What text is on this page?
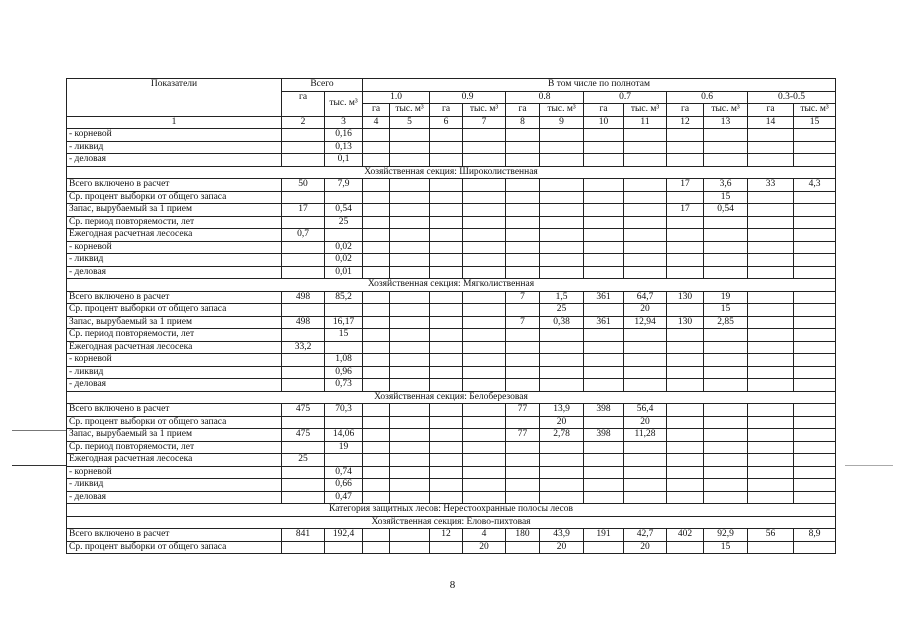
Показатели	Всего		В том числе по полнотам											
	га	тыс. м³	1.0		0.9		0.8		0.7		0.6		0.3-0.5	
			га	тыс. м³	га	тыс. м³	га	тыс. м³	га	тыс. м³	га	тыс. м³	га	тыс. м³
1	2	3	4	5	6	7	8	9	10	11	12	13	14	15
- корневой		0,16												
- ликвид		0,13												
- деловая		0,1												
Хозяйственная секция: Широколиственная														
Всего включено в расчет	50	7,9									17	3,6	33	4,3
Ср. процент выборки от общего запаса												15		
Запас, вырубаемый за 1 прием	17	0,54									17	0,54		
Ср. период повторяемости, лет		25												
Ежегодная расчетная лесосека	0,7													
- корневой		0,02												
- ликвид		0,02												
- деловая		0,01												
Хозяйственная секция: Мягколиственная														
Всего включено в расчет	498	85,2					7	1,5	361	64,7	130	19		
Ср. процент выборки от общего запаса								25		20		15		
Запас, вырубаемый за 1 прием	498	16,17					7	0,38	361	12,94	130	2,85		
Ср. период повторяемости, лет		15												
Ежегодная расчетная лесосека	33,2													
- корневой		1,08												
- ликвид		0,96												
- деловая		0,73												
Хозяйственная секция: Белоберезовая														
Всего включено в расчет	475	70,3					77	13,9	398	56,4				
Ср. процент выборки от общего запаса								20		20				
Запас, вырубаемый за 1 прием	475	14,06					77	2,78	398	11,28				
Ср. период повторяемости, лет		19												
Ежегодная расчетная лесосека	25													
- корневой		0,74												
- ликвид		0,66												
- деловая		0,47												
Категория защитных лесов: Нерестоохранные полосы лесов														
Хозяйственная секция: Елово-пихтовая														
Всего включено в расчет	841	192,4			12	4	180	43,9	191	42,7	402	92,9	56	8,9
Ср. процент выборки от общего запаса						20		20		20		15		
8
